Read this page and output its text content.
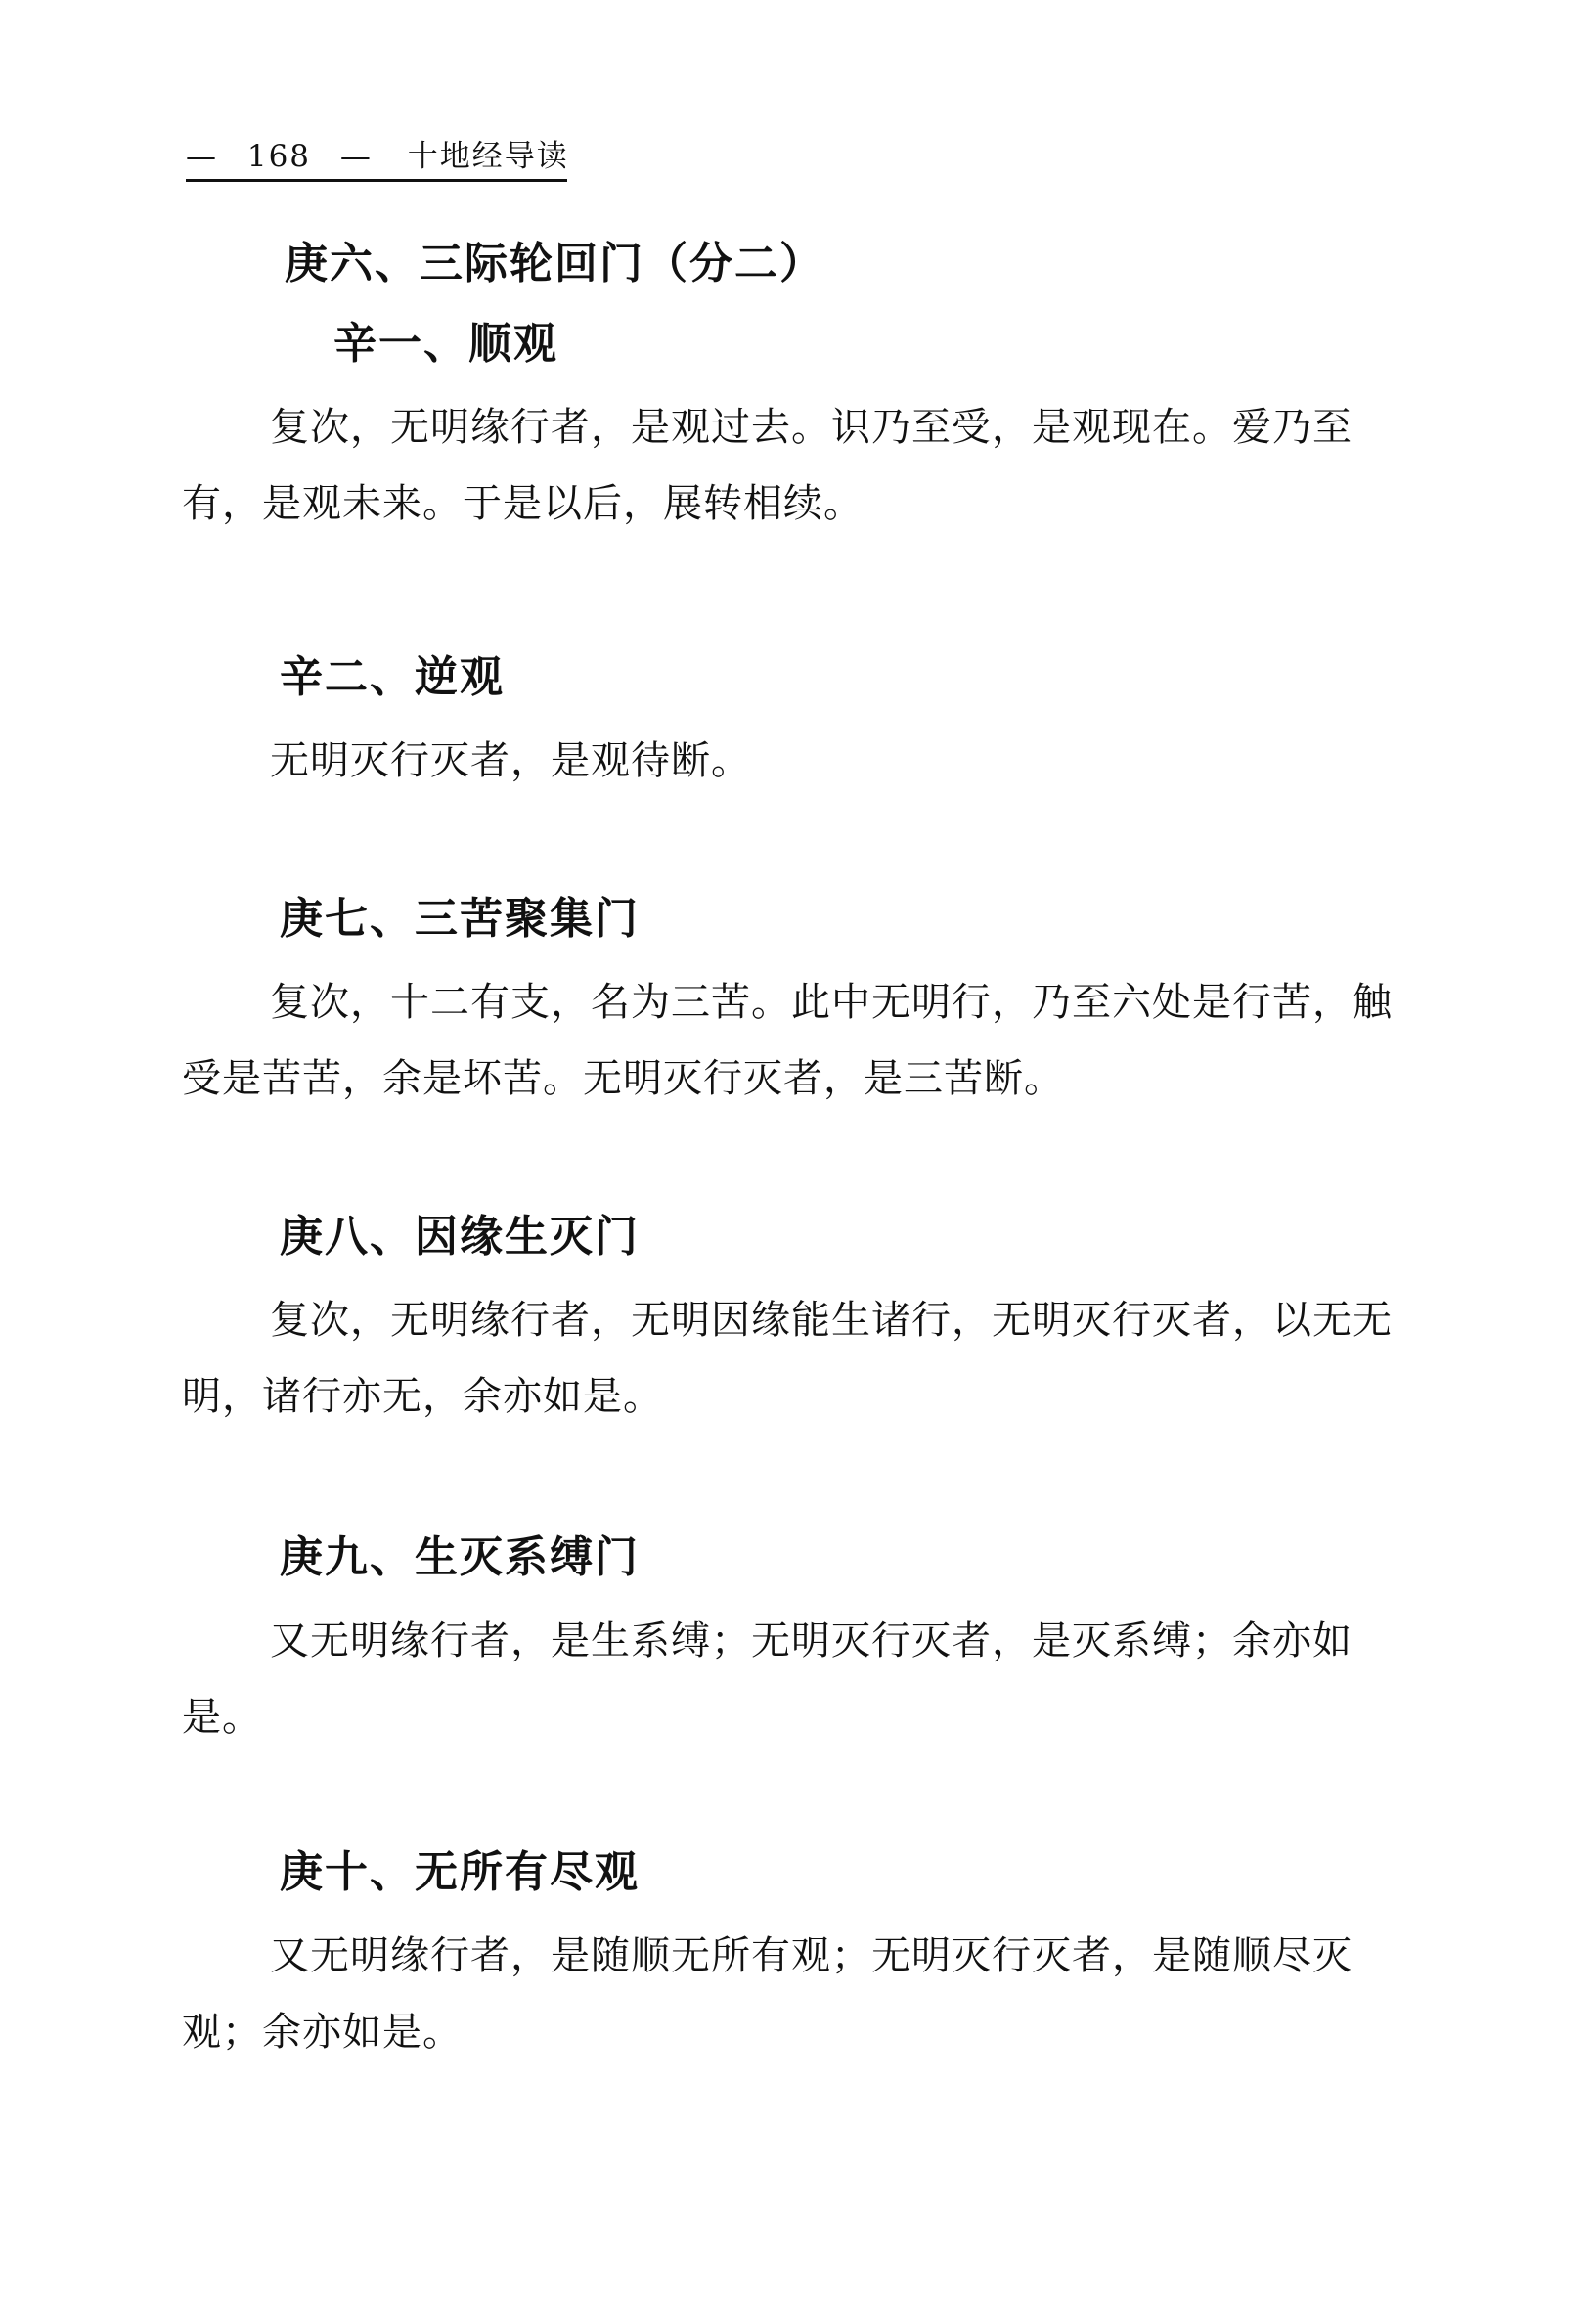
— 168 — 十地经导读
庚六、三际轮回门（分二）
辛一、顺观

复次，无明缘行者，是观过去。识乃至受，是观现在。爱乃至有，是观未来。于是以后，展转相续。

辛二、逆观

无明灭行灭者，是观待断。

庚七、三苦聚集门

复次，十二有支，名为三苦。此中无明行，乃至六处是行苦，触受是苦苦，余是坏苦。无明灭行灭者，是三苦断。

庚八、因缘生灭门

复次，无明缘行者，无明因缘能生诸行，无明灭行灭者，以无无明，诸行亦无，余亦如是。

庚九、生灭系缚门

又无明缘行者，是生系缚；无明灭行灭者，是灭系缚；余亦如是。

庚十、无所有尽观

又无明缘行者，是随顺无所有观；无明灭行灭者，是随顺尽灭观；余亦如是。
